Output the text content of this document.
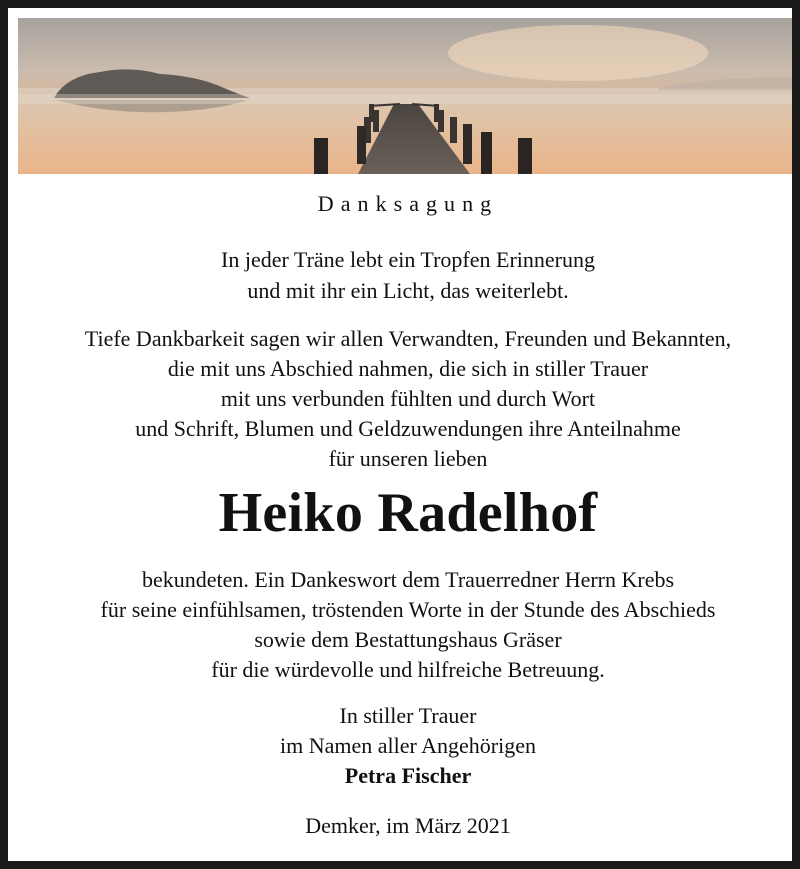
Danksagung
In jeder Träne lebt ein Tropfen Erinnerung
und mit ihr ein Licht, das weiterlebt.
Tiefe Dankbarkeit sagen wir allen Verwandten, Freunden und Bekannten,
die mit uns Abschied nahmen, die sich in stiller Trauer
mit uns verbunden fühlten und durch Wort
und Schrift, Blumen und Geldzuwendungen ihre Anteilnahme
für unseren lieben
Heiko Radelhof
bekundeten. Ein Dankeswort dem Trauerredner Herrn Krebs
für seine einfühlsamen, tröstenden Worte in der Stunde des Abschieds
sowie dem Bestattungshaus Gräser
für die würdevolle und hilfreiche Betreuung.
In stiller Trauer
im Namen aller Angehörigen
Petra Fischer
Demker, im März 2021
